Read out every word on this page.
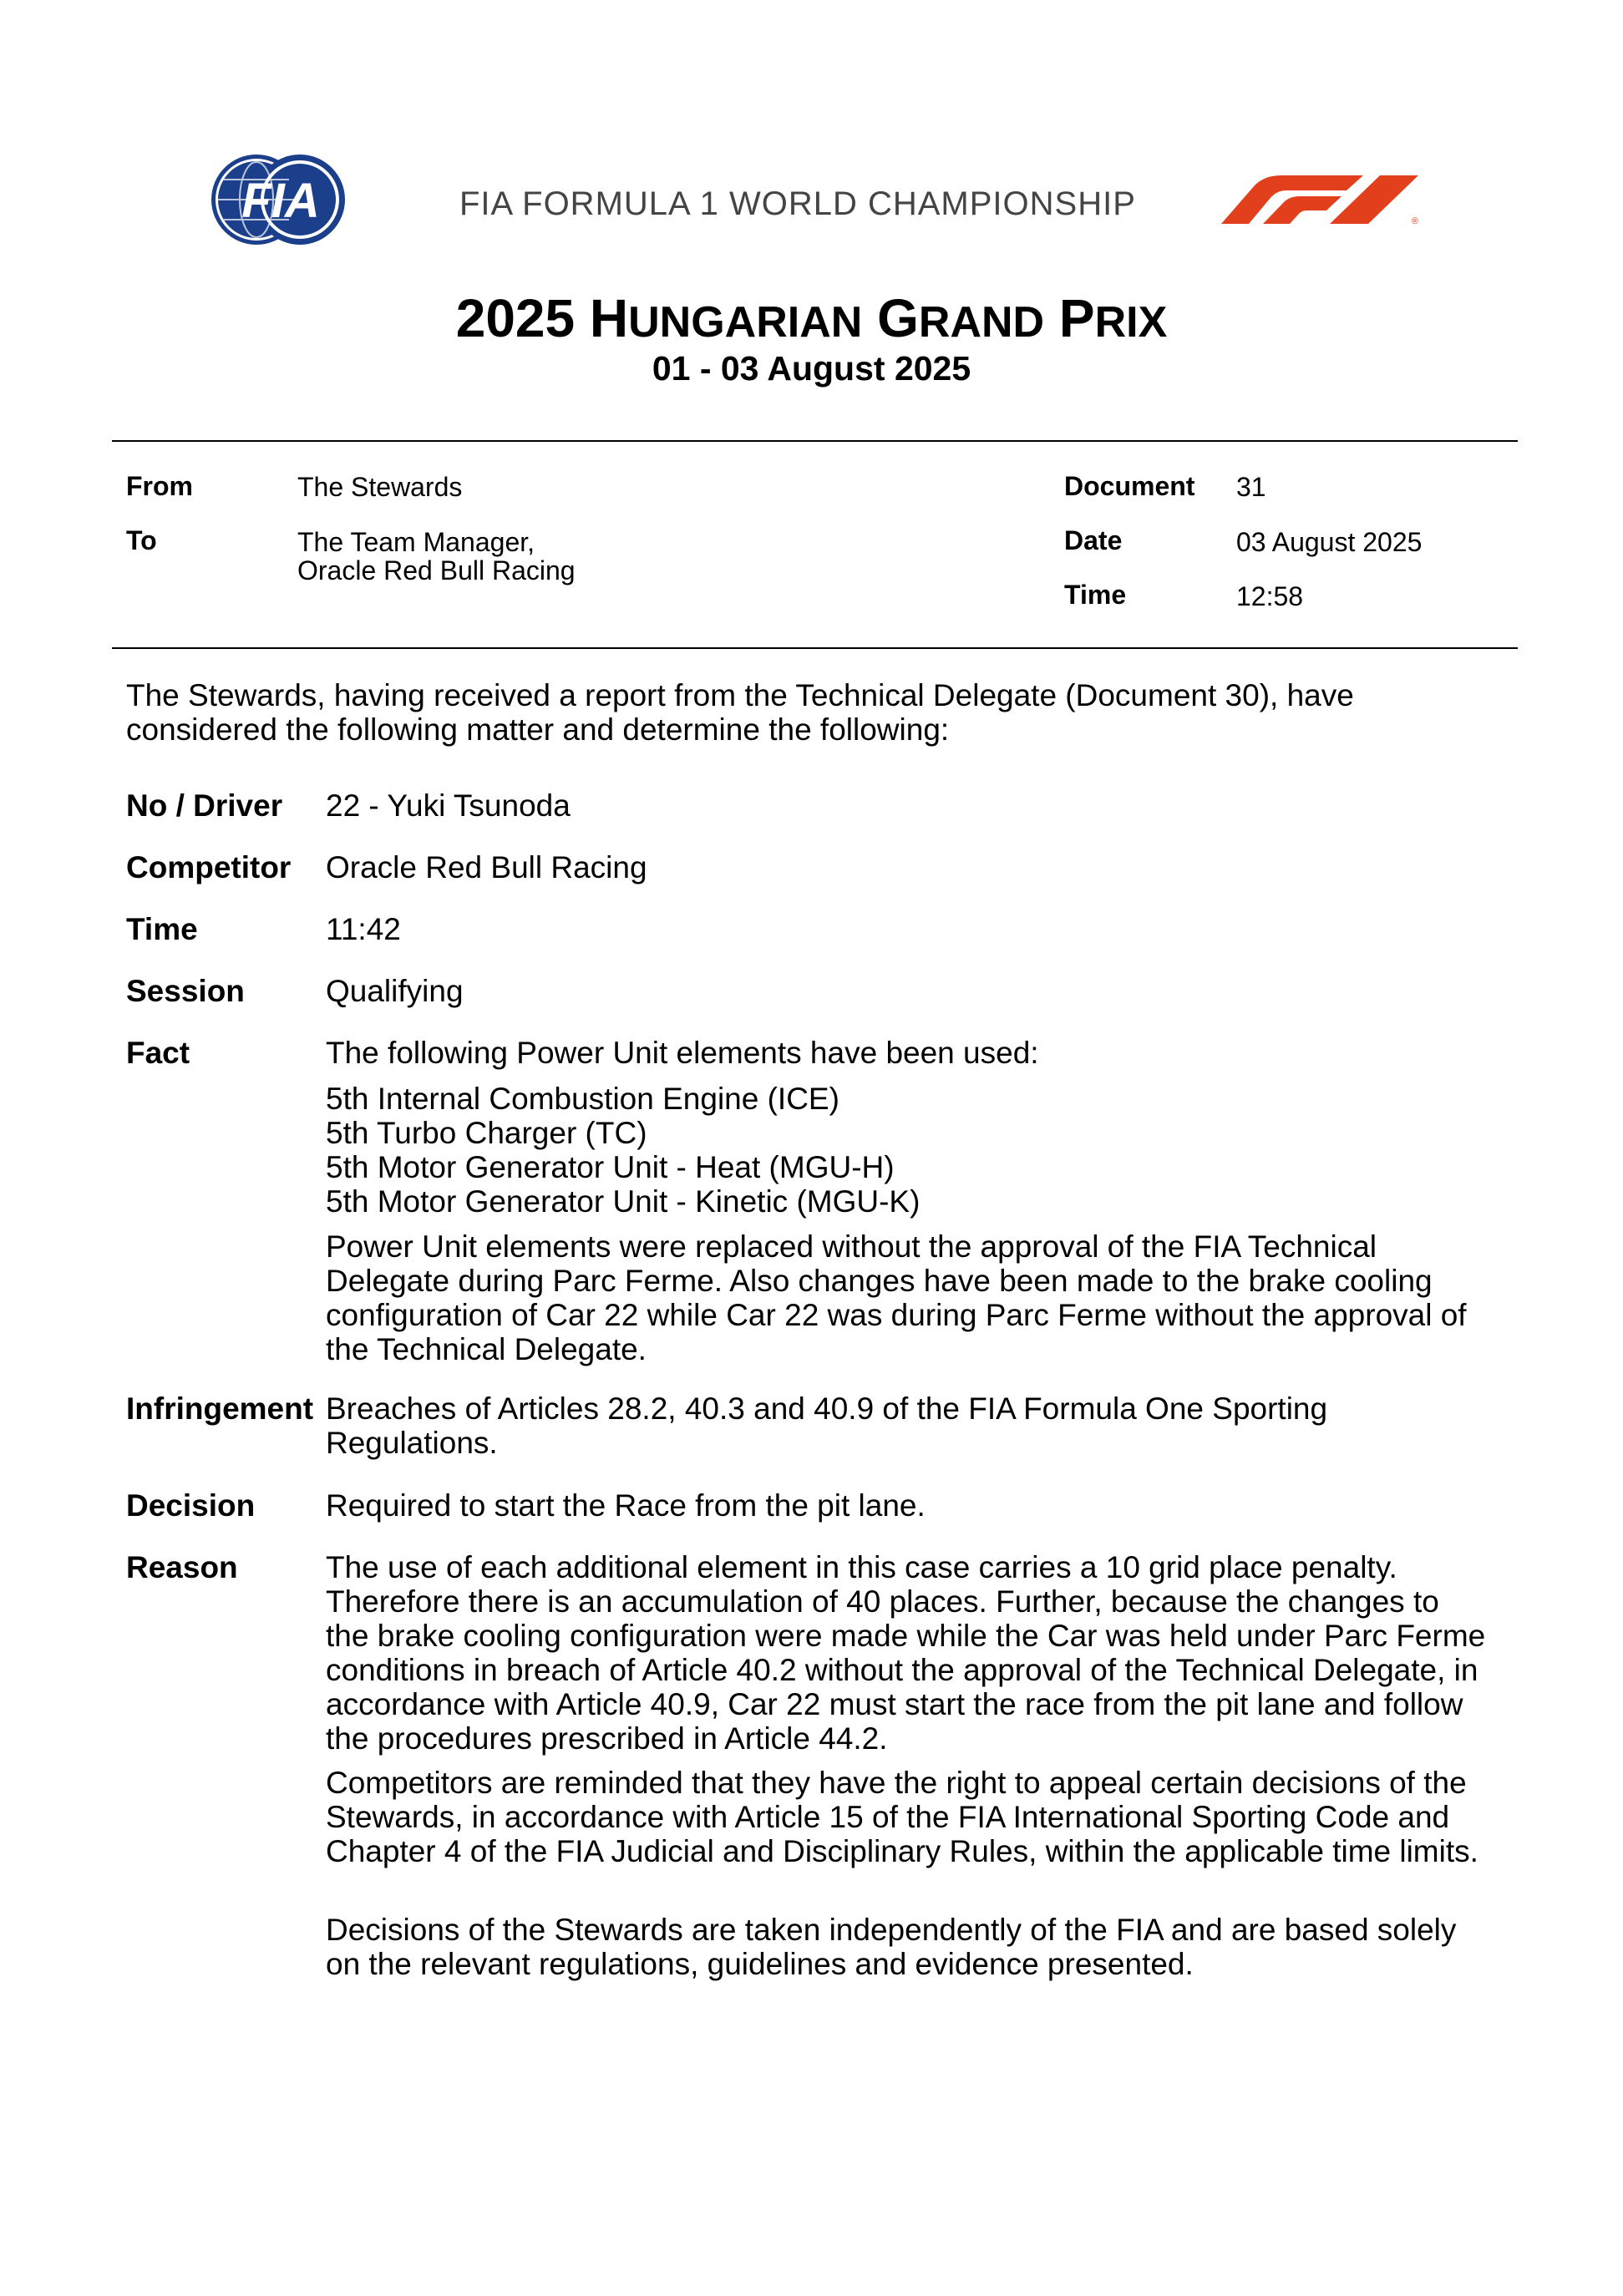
FIA	FIA FORMULA 1 WORLD CHAMPIONSHIP	®
2025 HUNGARIAN GRAND PRIX
01 - 03 August 2025
From	The Stewards
To	The Team Manager,
Oracle Red Bull Racing
Document 31
Date	03 August 2025
Time	12:58
The Stewards, having received a report from the Technical Delegate (Document 30), have
considered the following matter and determine the following:
No / Driver 22 - Yuki Tsunoda
Competitor Oracle Red Bull Racing
Time	11:42
Session	Qualifying
Fact	The following Power Unit elements have been used:
5th Internal Combustion Engine (ICE)
5th Turbo Charger (TC)
5th Motor Generator Unit - Heat (MGU-H)
5th Motor Generator Unit - Kinetic (MGU-K)
Power Unit elements were replaced without the approval of the FIA Technical
Delegate during Parc Ferme. Also changes have been made to the brake cooling
configuration of Car 22 while Car 22 was during Parc Ferme without the approval of
the Technical Delegate.
Infringement Breaches of Articles 28.2, 40.3 and 40.9 of the FIA Formula One Sporting
Regulations.
Decision Required to start the Race from the pit lane.
Reason	The use of each additional element in this case carries a 10 grid place penalty.
Therefore there is an accumulation of 40 places. Further, because the changes to
the brake cooling configuration were made while the Car was held under Parc Ferme
conditions in breach of Article 40.2 without the approval of the Technical Delegate, in
accordance with Article 40.9, Car 22 must start the race from the pit lane and follow
the procedures prescribed in Article 44.2.
Competitors are reminded that they have the right to appeal certain decisions of the
Stewards, in accordance with Article 15 of the FIA International Sporting Code and
Chapter 4 of the FIA Judicial and Disciplinary Rules, within the applicable time limits.
Decisions of the Stewards are taken independently of the FIA and are based solely
on the relevant regulations, guidelines and evidence presented.
